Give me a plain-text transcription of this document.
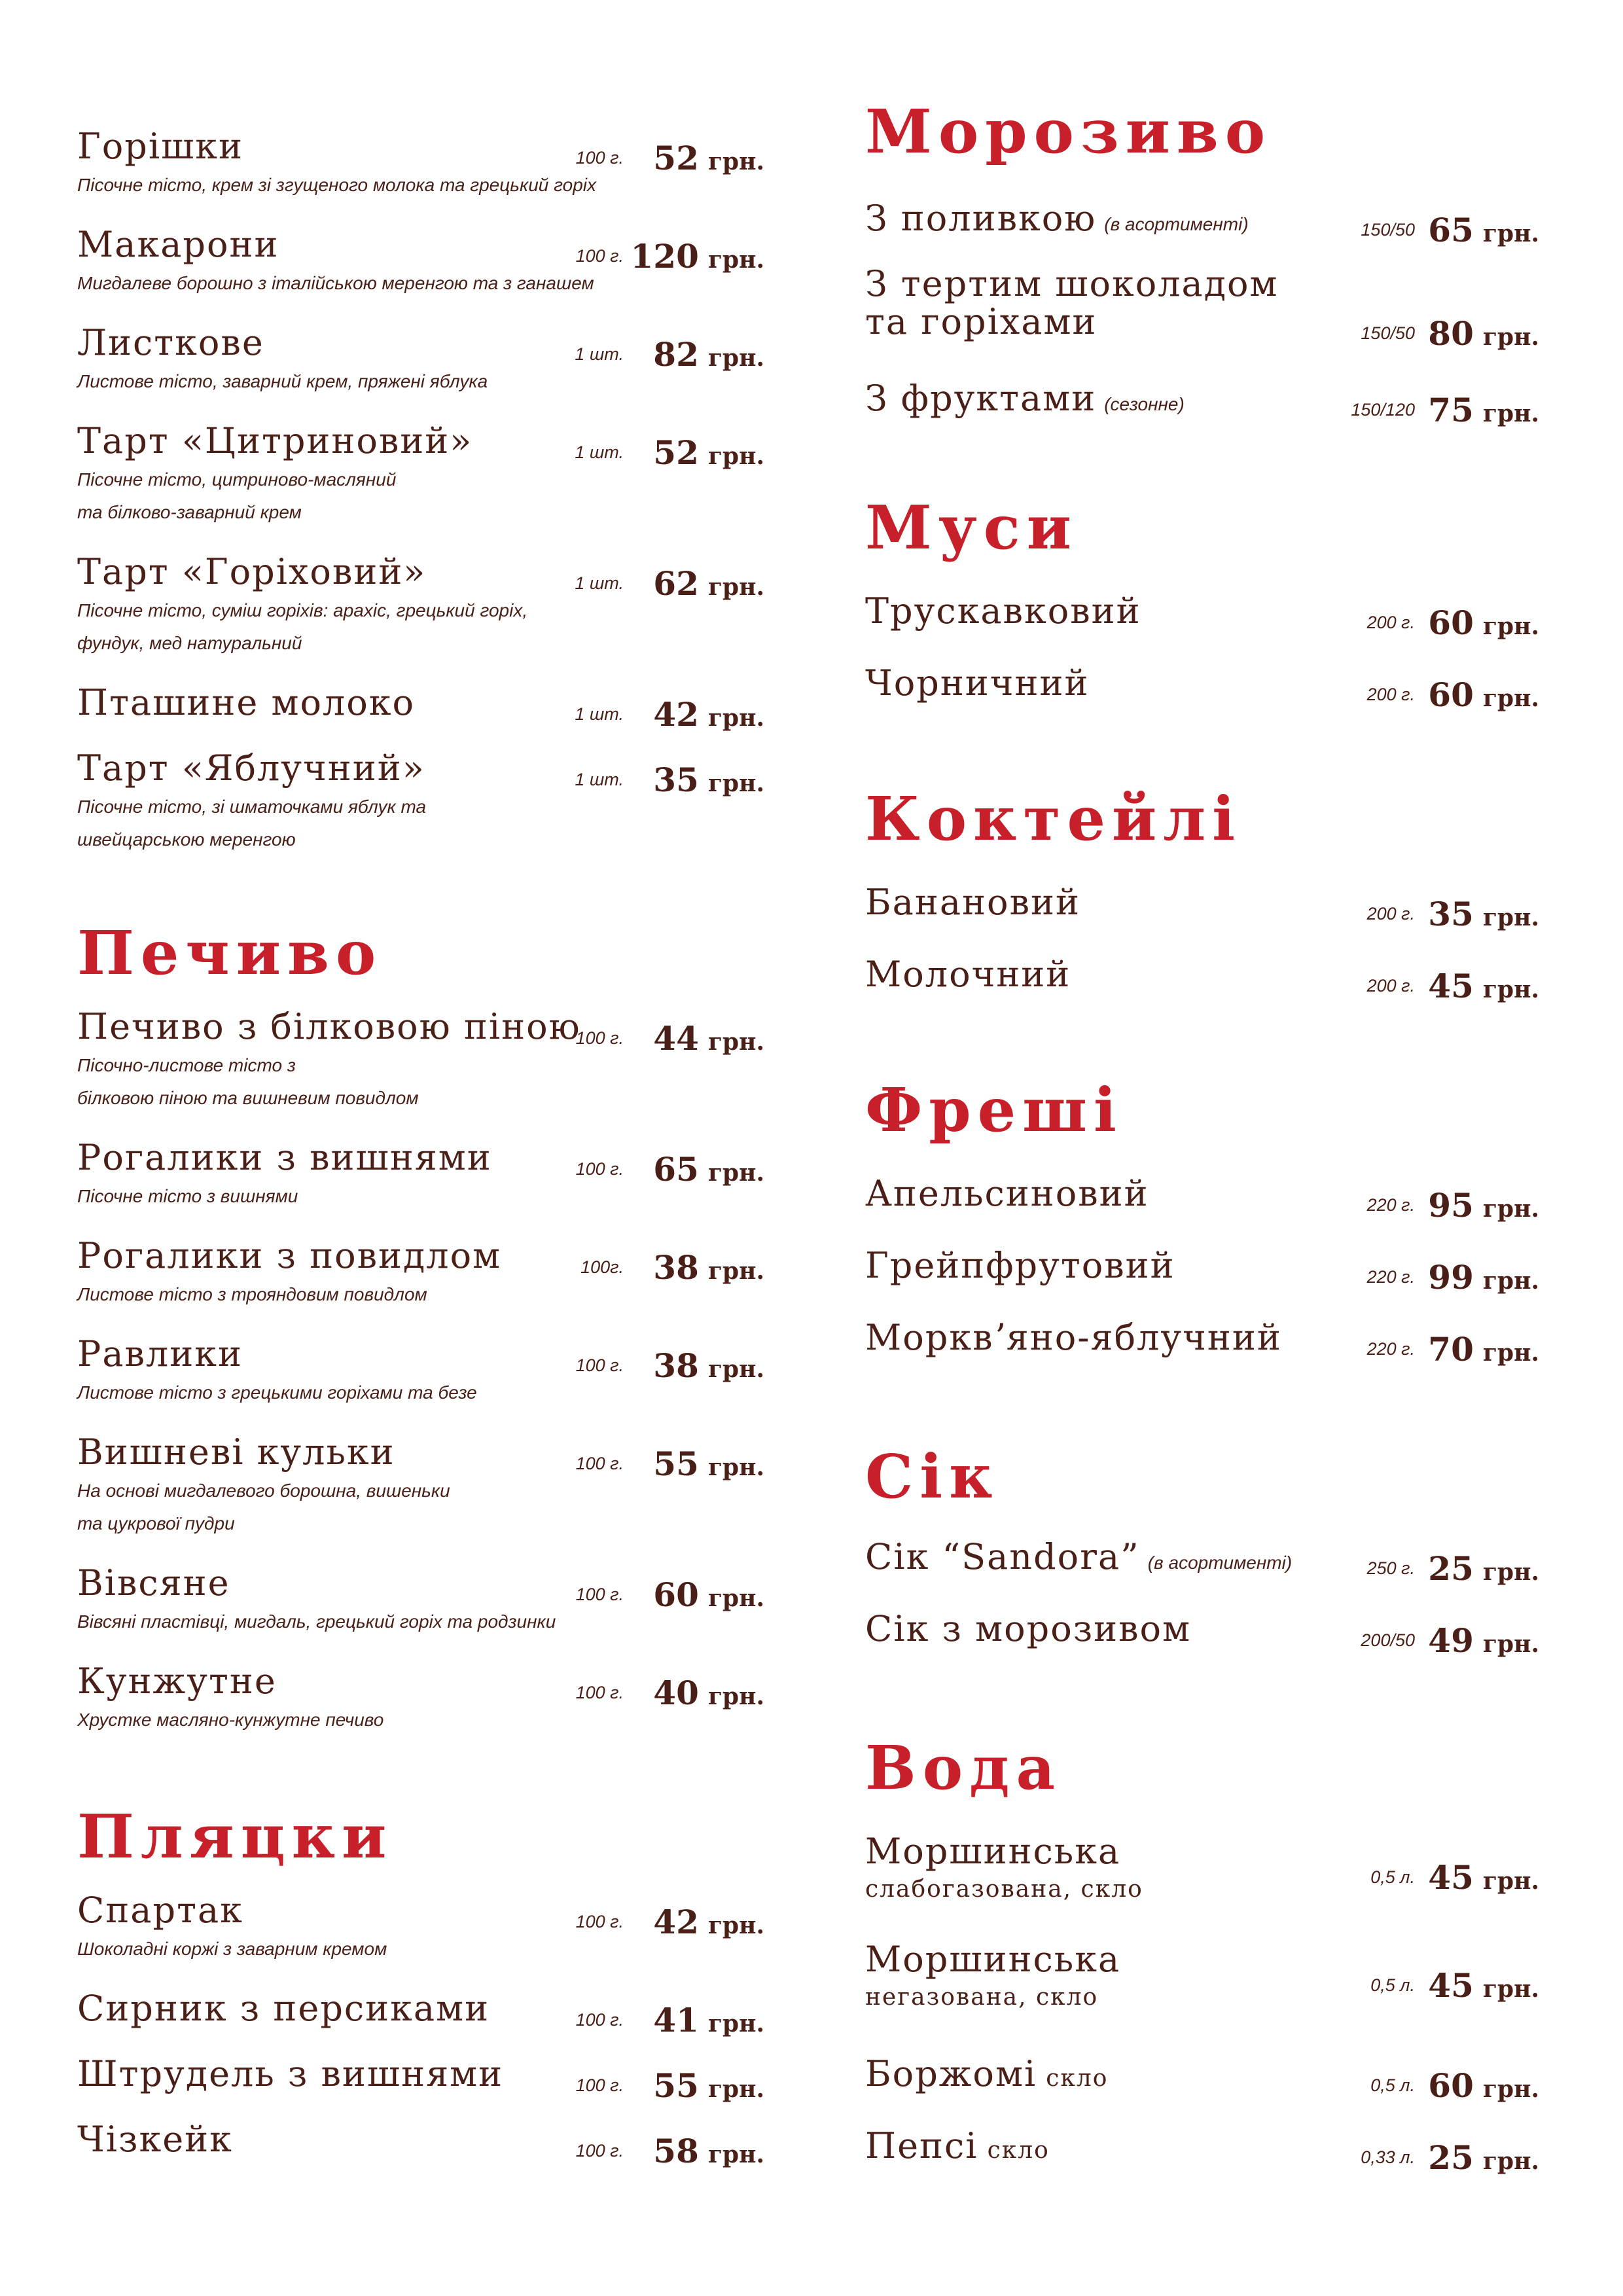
Горішки
Пісочне тісто, крем зі згущеного молока та грецький горіх
100 г. 52 грн.
Макарони
Мигдалеве борошно з італійською меренгою та з ганашем
100 г. 120 грн.
Листкове
Листове тісто, заварний крем, пряжені яблука
1 шт. 82 грн.
Тарт «Цитриновий»
Пісочне тісто, цитриново-масляний
та білково-заварний крем
1 шт. 52 грн.
Тарт «Горіховий»
Пісочне тісто, суміш горіхів: арахіс, грецький горіх,
фундук, мед натуральний
1 шт. 62 грн.
Пташине молоко	1 шт. 42 грн.
Тарт «Яблучний»
Пісочне тісто, зі шматочками яблук та
швейцарською меренгою
1 шт. 35 грн.
Печиво
Печиво з білковою піною
Пісочно-листове тісто з
білковою піною та вишневим повидлом
100 г. 44 грн.
Рогалики з вишнями
Пісочне тісто з вишнями
100 г. 65 грн.
Рогалики з повидлом
Листове тісто з трояндовим повидлом
100г. 38 грн.
Равлики
Листове тісто з грецькими горіхами та безе
100 г. 38 грн.
Вишневі кульки
На основі мигдалевого борошна, вишеньки
та цукрової пудри
100 г. 55 грн.
Вівсяне
Вівсяні пластівці, мигдаль, грецький горіх та родзинки
100 г. 60 грн.
Кунжутне
Хрустке масляно-кунжутне печиво
100 г. 40 грн.
Пляцки
Спартак
Шоколадні коржі з заварним кремом
100 г. 42 грн.
Сирник з персиками	100 г. 41 грн.
Штрудель з вишнями	100 г. 55 грн.
Чізкейк	100 г. 58 грн.
Морозиво
З поливкою (в асортименті)	150/50 65 грн.
З тертим шоколадом
та горіхами	150/50 80 грн.
З фруктами (сезонне)	150/120 75 грн.
Муси
Трускавковий	200 г. 60 грн.
Чорничний	200 г. 60 грн.
Коктейлі
Банановий	200 г. 35 грн.
Молочний	200 г. 45 грн.
Фреші
Апельсиновий	220 г. 95 грн.
Грейпфрутовий	220 г. 99 грн.
Морквʼяно-яблучний	220 г. 70 грн.
Сік
Сік “Sandora” (в асортименті)	250 г. 25 грн.
Сік з морозивом	200/50 49 грн.
Вода
Моршинська
слабогазована, скло	0,5 л. 45 грн.
Моршинська
негазована, скло	0,5 л. 45 грн.
Боржомі скло	0,5 л. 60 грн.
Пепсі скло	0,33 л. 25 грн.
